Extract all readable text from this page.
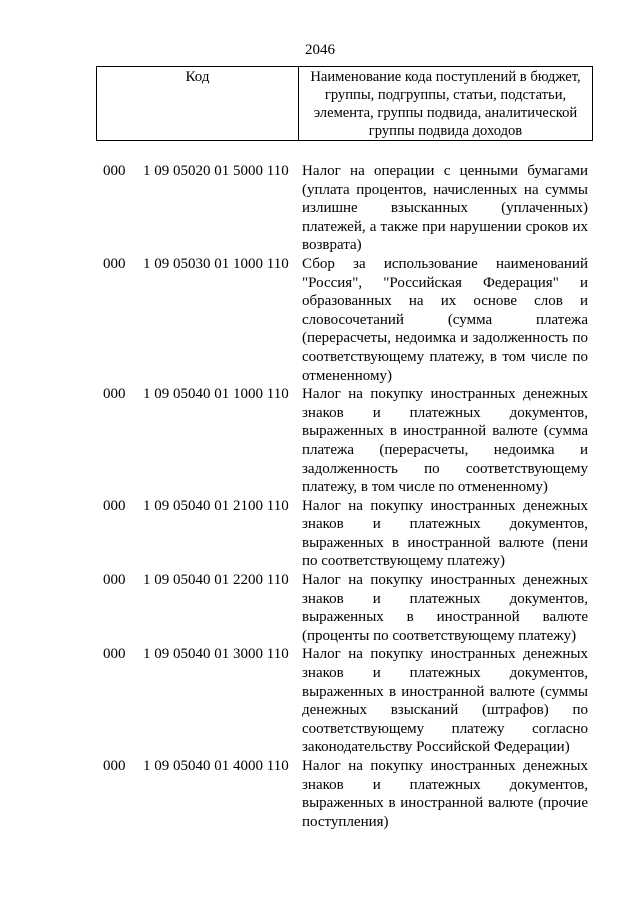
2046
Код	Наименование кода поступлений в бюджет, группы, подгруппы, статьи, подстатьи, элемента, группы подвида, аналитической группы подвида доходов
000 1 09 05020 01 5000 110 Налог на операции с ценными бумагами (уплата процентов, начисленных на суммы излишне взысканных (уплаченных) платежей, а также при нарушении сроков их возврата)
000 1 09 05030 01 1000 110 Сбор за использование наименований "Россия", "Российская Федерация" и образованных на их основе слов и словосочетаний (сумма платежа (перерасчеты, недоимка и задолженность по соответствующему платежу, в том числе по отмененному)
000 1 09 05040 01 1000 110 Налог на покупку иностранных денежных знаков и платежных документов, выраженных в иностранной валюте (сумма платежа (перерасчеты, недоимка и задолженность по соответствующему платежу, в том числе по отмененному)
000 1 09 05040 01 2100 110 Налог на покупку иностранных денежных знаков и платежных документов, выраженных в иностранной валюте (пени по соответствующему платежу)
000 1 09 05040 01 2200 110 Налог на покупку иностранных денежных знаков и платежных документов, выраженных в иностранной валюте (проценты по соответствующему платежу)
000 1 09 05040 01 3000 110 Налог на покупку иностранных денежных знаков и платежных документов, выраженных в иностранной валюте (суммы денежных взысканий (штрафов) по соответствующему платежу согласно законодательству Российской Федерации)
000 1 09 05040 01 4000 110 Налог на покупку иностранных денежных знаков и платежных документов, выраженных в иностранной валюте (прочие поступления)
